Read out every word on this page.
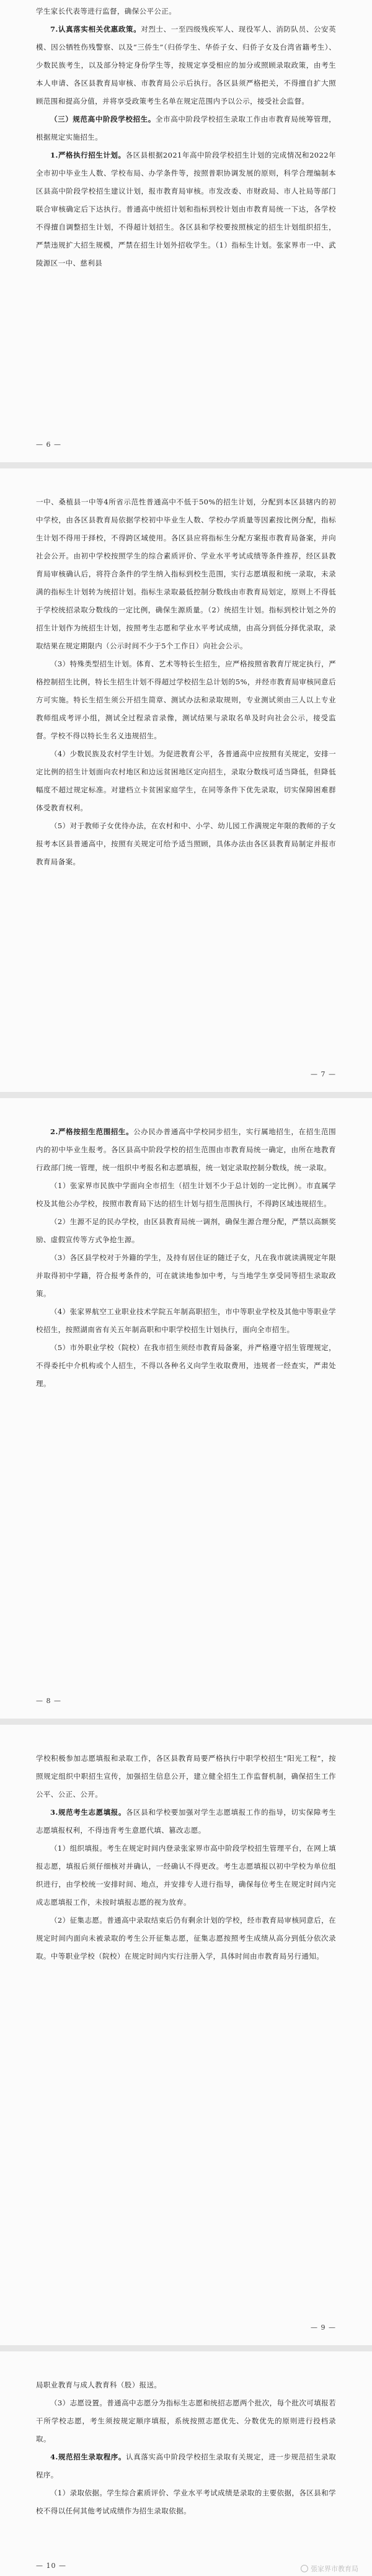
学生家长代表等进行监督，确保公平公正。

7.认真落实相关优惠政策。对烈士、一至四级残疾军人、现役军人、消防队员、公安英模、因公牺牲伤残警察、以及“三侨生”（归侨学生、华侨子女、归侨子女及台湾省籍考生）、少数民族考生，以及部分特定身份学生等，按规定享受相应的加分或照顾录取政策，由考生本人申请、各区县教育局审核、市教育局公示后执行。各区县须严格把关，不得擅自扩大照顾范围和提高分值，并将享受政策考生名单在规定范围内予以公示，接受社会监督。

（三）规范高中阶段学校招生。全市高中阶段学校招生录取工作由市教育局统筹管理，根据规定实施招生。

1.严格执行招生计划。各区县根据2021年高中阶段学校招生计划的完成情况和2022年全市初中毕业生人数、学校布局、办学条件等，按照普职协调发展的原则，科学合理编制本区县高中阶段学校招生建议计划，报市教育局审核。市发改委、市财政局、市人社局等部门联合审核确定后下达执行。普通高中统招计划和指标到校计划由市教育局统一下达，各学校不得擅自调整招生计划，不得超计划招生。各区县和学校要按照核定的招生计划组织招生，严禁违规扩大招生规模，严禁在招生计划外招收学生。（1）指标生计划。张家界市一中、武陵源区一中、慈利县

— 6 —

一中、桑植县一中等4所省示范性普通高中不低于50%的招生计划，分配到本区县辖内的初中学校，由各区县教育局依据学校初中毕业生人数、学校办学质量等因素按比例分配，指标生计划不得用于择校，不得跨区域使用。各区县应将指标生分配方案报市教育局备案，并向社会公开。由初中学校按照学生的综合素质评价、学业水平考试成绩等条件推荐，经区县教育局审核确认后，将符合条件的学生纳入指标到校生范围，实行志愿填报和统一录取，未录满的指标生计划转为统招计划。指标生录取最低控制分数线由市教育局划定，原则上不得低于学校统招录取分数线的一定比例，确保生源质量。（2）统招生计划。指标到校计划之外的招生计划作为统招生计划，按照考生志愿和学业水平考试成绩，由高分到低分择优录取，录取结果在规定期限内（公示时间不少于5个工作日）向社会公示。

（3）特殊类型招生计划。体育、艺术等特长生招生，应严格按照省教育厅规定执行，严格控制招生比例，特长生招生计划不得超过学校招生总计划的5%，并经市教育局审核同意后方可实施。特长生招生须公开招生简章、测试办法和录取规则，专业测试须由三人以上专业教师组成考评小组，测试全过程录音录像，测试结果与录取名单及时向社会公示，接受监督。学校不得以特长生名义违规招生。

（4）少数民族及农村学生计划。为促进教育公平，各普通高中应按照有关规定，安排一定比例的招生计划面向农村地区和边远贫困地区定向招生，录取分数线可适当降低，但降低幅度不超过规定标准。对建档立卡贫困家庭学生，在同等条件下优先录取，切实保障困难群体受教育权利。

（5）对于教师子女优待办法，在农村和中、小学、幼儿园工作满规定年限的教师的子女报考本区县普通高中，按照有关规定可给予适当照顾，具体办法由各区县教育局制定并报市教育局备案。

— 7 —

2.严格按招生范围招生。公办民办普通高中学校同步招生，实行属地招生，在招生范围内的初中毕业生报考。各区县高中阶段学校的招生范围由市教育局统一确定，由所在地教育行政部门统一管理，统一组织中考报名和志愿填报，统一划定录取控制分数线，统一录取。

（1）张家界市民族中学面向全市招生（招生计划不少于总计划的一定比例）。市直属学校及其他公办学校，按照市教育局下达的招生计划与招生范围执行，不得跨区域违规招生。

（2）生源不足的民办学校，由区县教育局统一调剂，确保生源合理分配，严禁以高额奖励、虚假宣传等方式争抢生源。

（3）各区县学校对于外籍的学生，及持有居住证的随迁子女，凡在我市就读满规定年限并取得初中学籍，符合报考条件的，可在就读地参加中考，与当地学生享受同等招生录取政策。

（4）张家界航空工业职业技术学院五年制高职招生，市中等职业学校及其他中等职业学校招生，按照湖南省有关五年制高职和中职学校招生计划执行，面向全市招生。

（5）市外职业学校（院校）在我市招生须经市教育局备案，并严格遵守招生管理规定，不得委托中介机构或个人招生，不得以各种名义向学生收取费用，违规者一经查实，严肃处理。

— 8 —

学校积极参加志愿填报和录取工作，各区县教育局要严格执行中职学校招生“阳光工程”，按照规定组织中职招生宣传，加强招生信息公开，建立健全招生工作监督机制，确保招生工作公平、公正、公开。

3.规范考生志愿填报。各区县和学校要加强对学生志愿填报工作的指导，切实保障考生志愿填报权利，不得违背考生意愿代填、篡改志愿。

（1）组织填报。考生在规定时间内登录张家界市高中阶段学校招生管理平台，在网上填报志愿，填报后须仔细核对并确认，一经确认不得更改。考生志愿填报以初中学校为单位组织进行，由学校统一安排时间、地点，并安排专人进行指导，确保每位考生在规定时间内完成志愿填报工作，未按时填报志愿的视为放弃。

（2）征集志愿。普通高中录取结束后仍有剩余计划的学校，经市教育局审核同意后，在规定时间内面向未被录取的考生公开征集志愿，征集志愿按照考生成绩从高分到低分依次录取。中等职业学校（院校）在规定时间内实行注册入学，具体时间由市教育局另行通知。

— 9 —

局职业教育与成人教育科（股）报送。

（3）志愿设置。普通高中志愿分为指标生志愿和统招志愿两个批次，每个批次可填报若干所学校志愿，考生须按规定顺序填报，系统按照志愿优先、分数优先的原则进行投档录取。

4.规范招生录取程序。认真落实高中阶段学校招生录取有关规定，进一步规范招生录取程序。

（1）录取依据。学生综合素质评价、学业水平考试成绩是录取的主要依据，各区县和学校不得以任何其他考试成绩作为招生录取依据。

— 10 —	張家界市教育局
